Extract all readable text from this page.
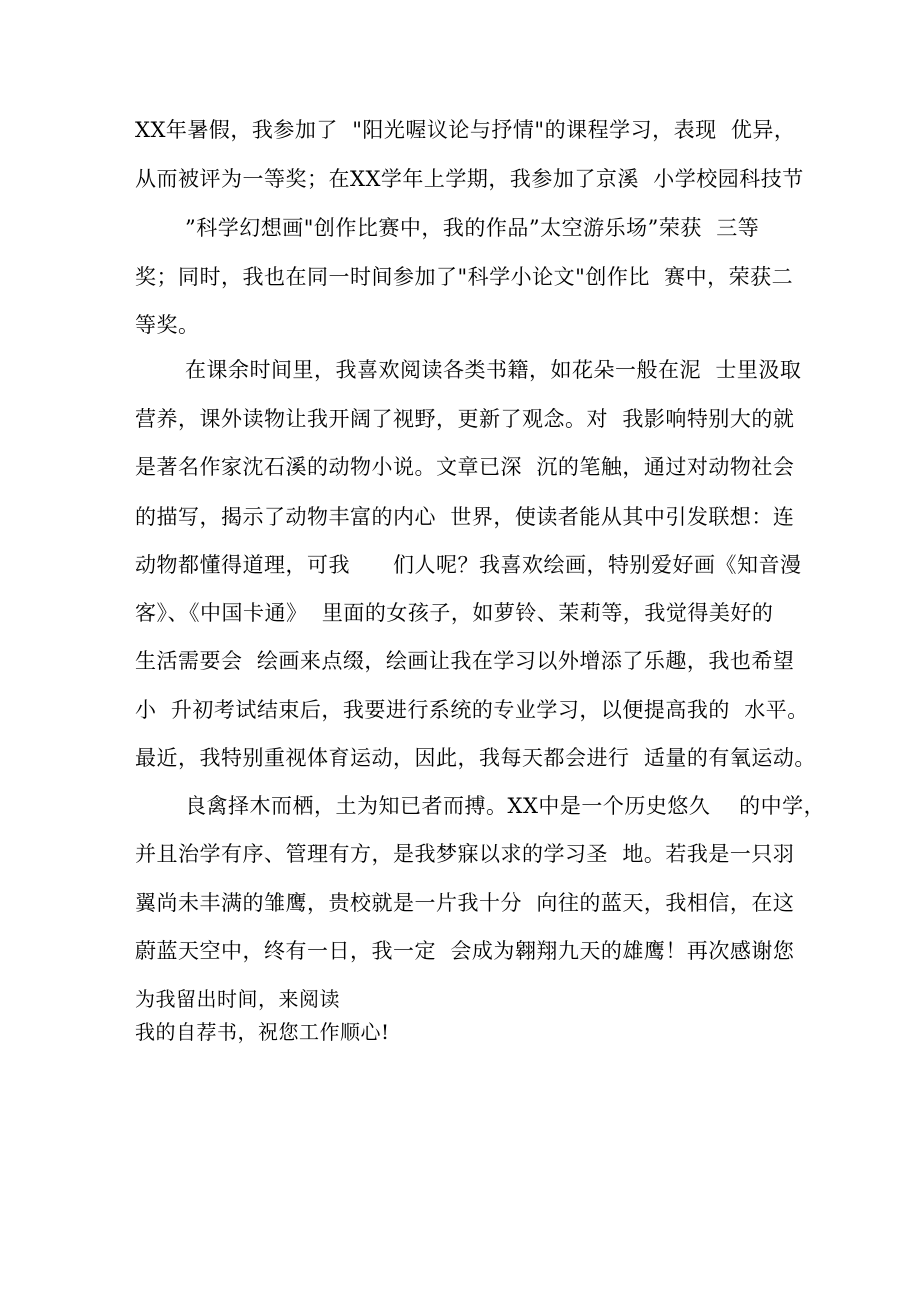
XX年暑假，我参加了  "阳光喔议论与抒情"的课程学习，表现  优异，
从而被评为一等奖；在XX学年上学期，我参加了京溪  小学校园科技节
”科学幻想画"创作比赛中，我的作品”太空游乐场”荣获  三等
奖；同时，我也在同一时间参加了"科学小论文"创作比  赛中，荣获二
等奖。
在课余时间里，我喜欢阅读各类书籍，如花朵一般在泥  士里汲取
营养，课外读物让我开阔了视野，更新了观念。对  我影响特别大的就
是著名作家沈石溪的动物小说。文章已深  沉的笔触，通过对动物社会
的描写，揭示了动物丰富的内心  世界，使读者能从其中引发联想：连
动物都懂得道理，可我      们人呢？我喜欢绘画，特别爱好画《知音漫
客》、《中国卡通》  里面的女孩子，如萝铃、茉莉等，我觉得美好的
生活需要会  绘画来点缀，绘画让我在学习以外增添了乐趣，我也希望
小  升初考试结束后，我要进行系统的专业学习，以便提高我的  水平。
最近，我特别重视体育运动，因此，我每天都会进行  适量的有氧运动。
良禽择木而栖，土为知已者而搏。XX中是一个历史悠久    的中学，
并且治学有序、管理有方，是我梦寐以求的学习圣  地。若我是一只羽
翼尚未丰满的雏鹰，贵校就是一片我十分  向往的蓝天，我相信，在这
蔚蓝天空中，终有一日，我一定  会成为翱翔九天的雄鹰！再次感谢您
为我留出时间，来阅读
我的自荐书，祝您工作顺心!
